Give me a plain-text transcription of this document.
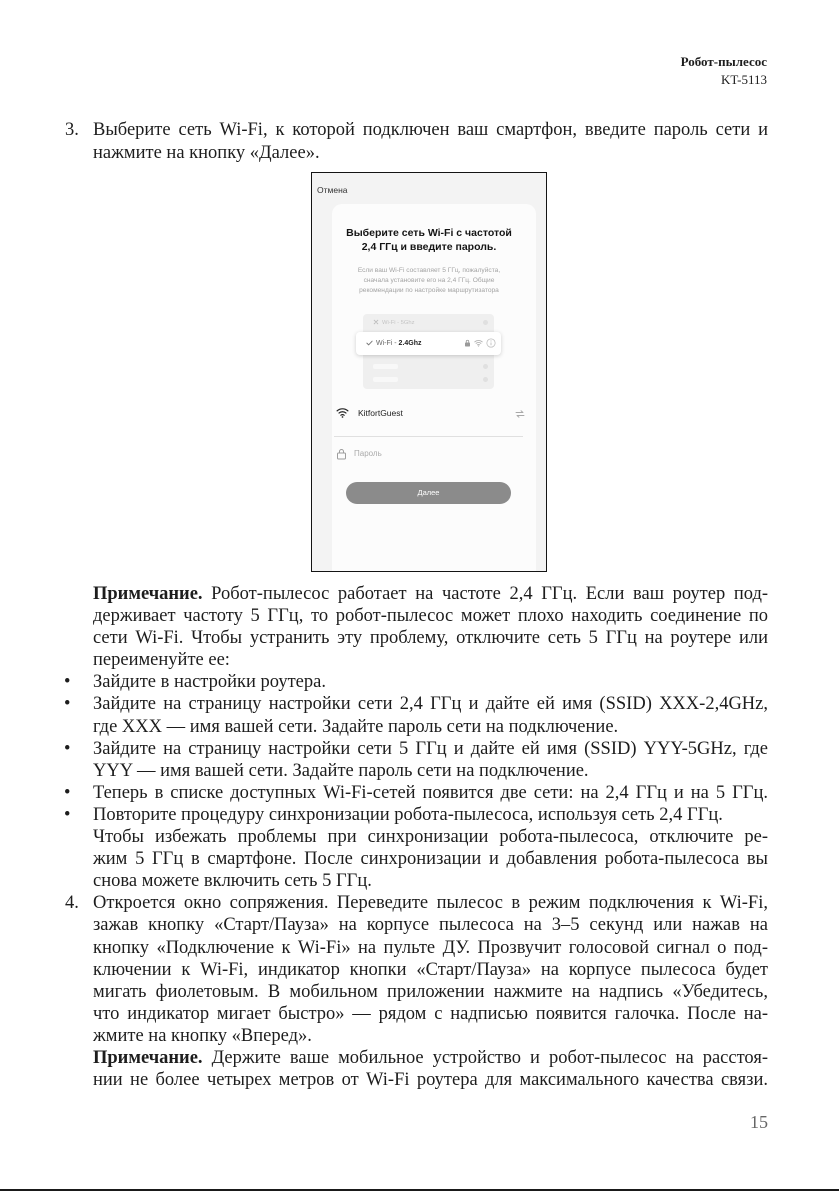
Робот-пылесос
KT-5113
3. Выберите сеть Wi-Fi, к которой подключен ваш смартфон, введите пароль сети и
нажмите на кнопку «Далее».
Отмена
Выберите сеть Wi-Fi с частотой
2,4 ГГц и введите пароль.
Если ваш Wi-Fi составляет 5 ГГц, пожалуйста,
сначала установите его на 2,4 ГГц. Общие
рекомендации по настройке маршрутизатора
Wi-Fi - 5Ghz
Wi-Fi - 2.4Ghz
KitfortGuest
Пароль
Далее
Примечание. Робот-пылесос работает на частоте 2,4 ГГц. Если ваш роутер под-
держивает частоту 5 ГГц, то робот-пылесос может плохо находить соединение по
сети Wi-Fi. Чтобы устранить эту проблему, отключите сеть 5 ГГц на роутере или
переименуйте ее:
• Зайдите в настройки роутера.
• Зайдите на страницу настройки сети 2,4 ГГц и дайте ей имя (SSID) XXX-2,4GHz,
где XXX — имя вашей сети. Задайте пароль сети на подключение.
• Зайдите на страницу настройки сети 5 ГГц и дайте ей имя (SSID) YYY-5GHz, где
YYY — имя вашей сети. Задайте пароль сети на подключение.
• Теперь в списке доступных Wi-Fi-сетей появится две сети: на 2,4 ГГц и на 5 ГГц.
• Повторите процедуру синхронизации робота-пылесоса, используя сеть 2,4 ГГц.
Чтобы избежать проблемы при синхронизации робота-пылесоса, отключите ре-
жим 5 ГГц в смартфоне. После синхронизации и добавления робота-пылесоса вы
снова можете включить сеть 5 ГГц.
4. Откроется окно сопряжения. Переведите пылесос в режим подключения к Wi-Fi,
зажав кнопку «Старт/Пауза» на корпусе пылесоса на 3–5 секунд или нажав на
кнопку «Подключение к Wi-Fi» на пульте ДУ. Прозвучит голосовой сигнал о под-
ключении к Wi-Fi, индикатор кнопки «Старт/Пауза» на корпусе пылесоса будет
мигать фиолетовым. В мобильном приложении нажмите на надпись «Убедитесь,
что индикатор мигает быстро» — рядом с надписью появится галочка. После на-
жмите на кнопку «Вперед».
Примечание. Держите ваше мобильное устройство и робот-пылесос на расстоя-
нии не более четырех метров от Wi-Fi роутера для максимального качества связи.
15
